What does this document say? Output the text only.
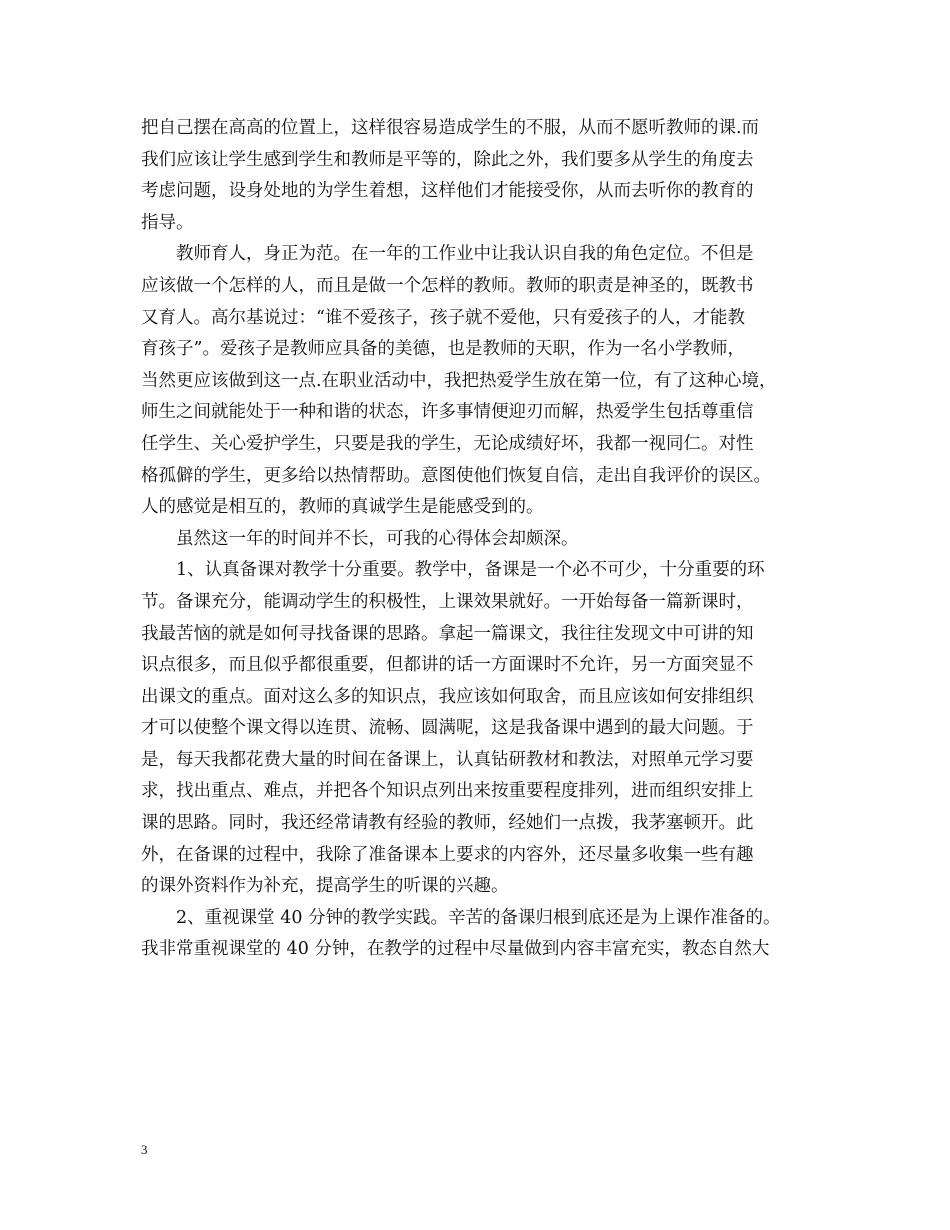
把自己摆在高高的位置上，这样很容易造成学生的不服，从而不愿听教师的课.而
我们应该让学生感到学生和教师是平等的，除此之外，我们要多从学生的角度去
考虑问题，设身处地的为学生着想，这样他们才能接受你，从而去听你的教育的
指导。
教师育人，身正为范。在一年的工作业中让我认识自我的角色定位。不但是
应该做一个怎样的人，而且是做一个怎样的教师。教师的职责是神圣的，既教书
又育人。高尔基说过：“谁不爱孩子，孩子就不爱他，只有爱孩子的人，才能教
育孩子”。爱孩子是教师应具备的美德，也是教师的天职，作为一名小学教师，
当然更应该做到这一点.在职业活动中，我把热爱学生放在第一位，有了这种心境，
师生之间就能处于一种和谐的状态，许多事情便迎刃而解，热爱学生包括尊重信
任学生、关心爱护学生，只要是我的学生，无论成绩好坏，我都一视同仁。对性
格孤僻的学生，更多给以热情帮助。意图使他们恢复自信，走出自我评价的误区。
人的感觉是相互的，教师的真诚学生是能感受到的。
虽然这一年的时间并不长，可我的心得体会却颇深。
1、认真备课对教学十分重要。教学中，备课是一个必不可少，十分重要的环
节。备课充分，能调动学生的积极性，上课效果就好。一开始每备一篇新课时，
我最苦恼的就是如何寻找备课的思路。拿起一篇课文，我往往发现文中可讲的知
识点很多，而且似乎都很重要，但都讲的话一方面课时不允许，另一方面突显不
出课文的重点。面对这么多的知识点，我应该如何取舍，而且应该如何安排组织
才可以使整个课文得以连贯、流畅、圆满呢，这是我备课中遇到的最大问题。于
是，每天我都花费大量的时间在备课上，认真钻研教材和教法，对照单元学习要
求，找出重点、难点，并把各个知识点列出来按重要程度排列，进而组织安排上
课的思路。同时，我还经常请教有经验的教师，经她们一点拨，我茅塞顿开。此
外，在备课的过程中，我除了准备课本上要求的内容外，还尽量多收集一些有趣
的课外资料作为补充，提高学生的听课的兴趣。
2、重视课堂 40 分钟的教学实践。辛苦的备课归根到底还是为上课作准备的。
我非常重视课堂的 40 分钟，在教学的过程中尽量做到内容丰富充实，教态自然大
3
